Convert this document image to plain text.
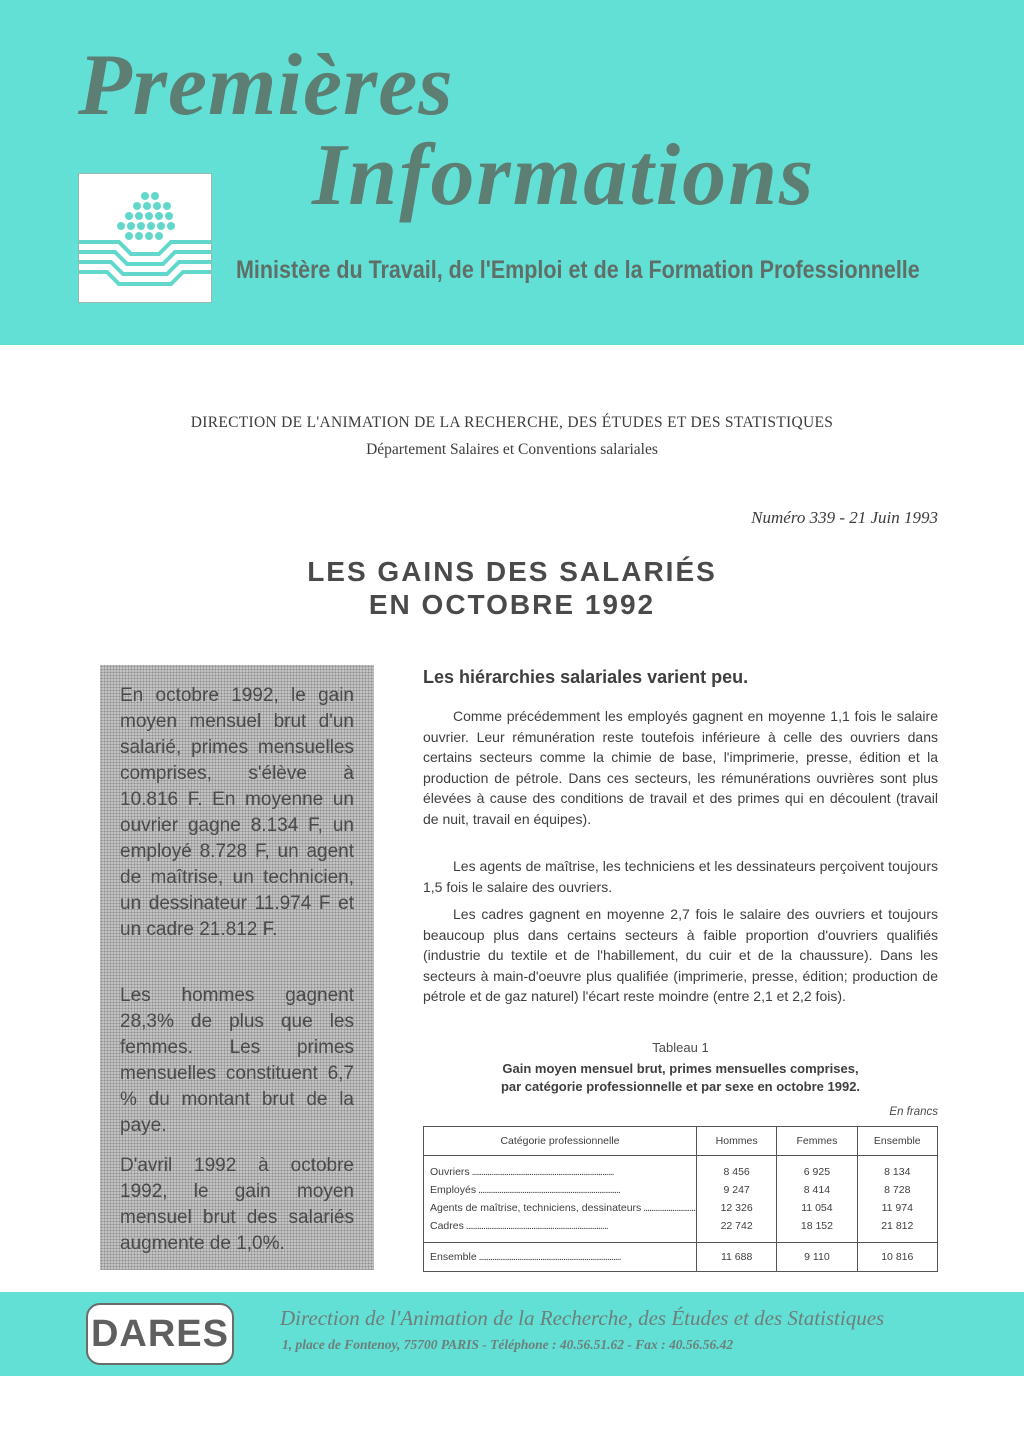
Premières
Informations
Ministère du Travail, de l'Emploi et de la Formation Professionnelle
DIRECTION DE L'ANIMATION DE LA RECHERCHE, DES ÉTUDES ET DES STATISTIQUES
Département Salaires et Conventions salariales
Numéro 339 - 21 Juin 1993
LES GAINS DES SALARIÉS
EN OCTOBRE 1992
En octobre 1992, le gain moyen mensuel brut d'un salarié, primes mensuelles comprises, s'élève à 10.816 F. En moyenne un ouvrier gagne 8.134 F, un employé 8.728 F, un agent de maîtrise, un technicien, un dessinateur 11.974 F et un cadre 21.812 F.
Les hommes gagnent 28,3% de plus que les femmes. Les primes mensuelles constituent 6,7 % du montant brut de la paye.
D'avril 1992 à octobre 1992, le gain moyen mensuel brut des salariés augmente de 1,0%.
Les hiérarchies salariales varient peu.
Comme précédemment les employés gagnent en moyenne 1,1 fois le salaire ouvrier. Leur rémunération reste toutefois inférieure à celle des ouvriers dans certains secteurs comme la chimie de base, l'imprimerie, presse, édition et la production de pétrole. Dans ces secteurs, les rémunérations ouvrières sont plus élevées à cause des conditions de travail et des primes qui en découlent (travail de nuit, travail en équipes).
Les agents de maîtrise, les techniciens et les dessinateurs perçoivent toujours 1,5 fois le salaire des ouvriers.
Les cadres gagnent en moyenne 2,7 fois le salaire des ouvriers et toujours beaucoup plus dans certains secteurs à faible proportion d'ouvriers qualifiés (industrie du textile et de l'habillement, du cuir et de la chaussure). Dans les secteurs à main-d'oeuvre plus qualifiée (imprimerie, presse, édition; production de pétrole et de gaz naturel) l'écart reste moindre (entre 2,1 et 2,2 fois).
Tableau 1
Gain moyen mensuel brut, primes mensuelles comprises,
par catégorie professionnelle et par sexe en octobre 1992.
En francs
Catégorie professionnelle	Hommes	Femmes	Ensemble
Ouvriers .....	8 456	6 925	8 134
Employés .....	9 247	8 414	8 728
Agents de maîtrise, techniciens, dessinateurs .....	12 326	11 054	11 974
Cadres .....	22 742	18 152	21 812
Ensemble .....	11 688	9 110	10 816
DARES Direction de l'Animation de la Recherche, des Études et des Statistiques
1, place de Fontenoy, 75700 PARIS - Téléphone : 40.56.51.62 - Fax : 40.56.56.42
